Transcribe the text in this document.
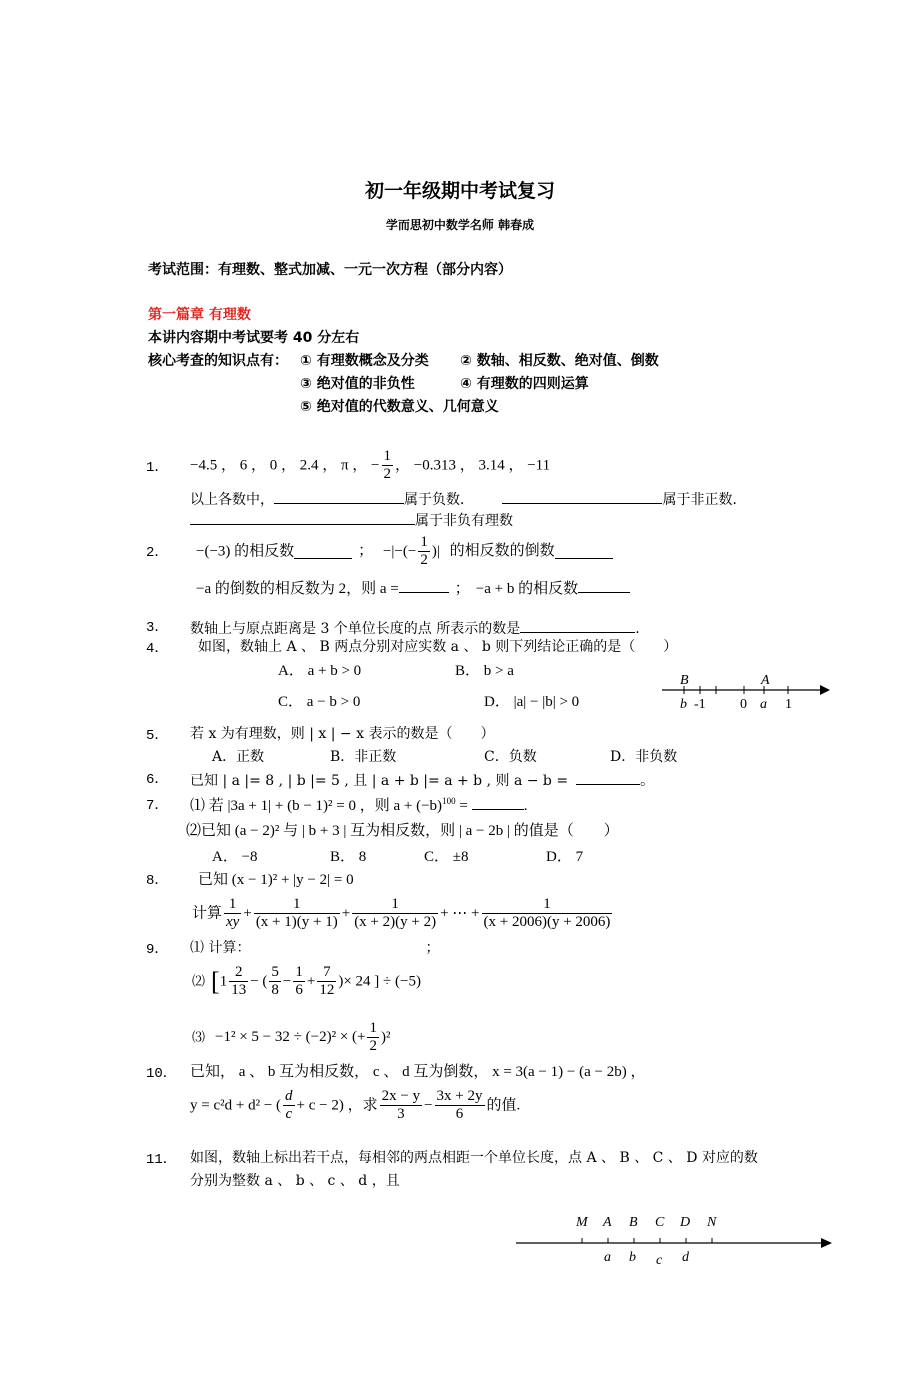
初一年级期中考试复习
学而思初中数学名师 韩春成
考试范围：有理数、整式加减、一元一次方程（部分内容）
第一篇章 有理数
本讲内容期中考试要考 40 分左右
核心考查的知识点有： ① 有理数概念及分类 ② 数轴、相反数、绝对值、倒数
③ 绝对值的非负性	④ 有理数的四则运算
⑤ 绝对值的代数意义、几何意义
1． −4.5 ， 6 ， 0 ， 2.4 ， π ， − $\frac{1}{2}$ ， −0.313 ， 3.14 ， −11
以上各数中，	属于负数．	属于非正数．
属于非负有理数
2． −(−3) 的相反数	； −|−(− $\frac{1}{2}$ )| 的相反数的倒数
−a 的倒数的相反数为 2，则 a =	； −a + b 的相反数
3． 数轴上与原点距离是 3 个单位长度的点 所表示的数是	.
4． 如图，数轴上 A 、 B 两点分别对应实数 a 、 b 则下列结论正确的是（　　）
A． a + b > 0	B． b > a
C． a − b > 0	D． |a| − |b| > 0
B	A
b -1 0 a 1
5． 若 x 为有理数，则 | x | − x 表示的数是（　　）
A．正数	B．非正数	C．负数	D．非负数
6． 已知 | a |= 8 , | b |= 5 , 且 | a + b |= a + b , 则 a − b =	。
7． ⑴ 若 |3a + 1| + (b − 1)² = 0 ，则 $a + (-b)^{100}$ =	.
⑵已知 (a − 2)² 与 | b + 3 | 互为相反数，则 | a − 2b | 的值是（　　）
A． −8	B． 8	C． ±8	D． 7
8． 已知 (x − 1)² + |y − 2| = 0
计算 $\frac{1}{xy} + \frac{1}{(x + 1)(y + 1)} + \frac{1}{(x + 2)(y + 2)}$ + ⋯ + $\frac{1}{(x + 2006)(y + 2006)}$
9． ⑴ 计算：	；
⑵ [$1 \frac{2}{13}$ − ( $\frac{5}{8} - \frac{1}{6} + \frac{7}{12}$ )× 24 ] ÷ (−5)
⑶ −1² × 5 − 32 ÷ (−2)² × (+ $\frac{1}{2} )^2$
10． 已知， a 、 b 互为相反数， c 、 d 互为倒数， x = 3(a − 1) − (a − 2b) ，
y = c²d + d² − ( $\frac{d}{c} + c - 2$) ，求 $\frac{2x - y}{3} - \frac{3x + 2y}{6}$ 的值.
11． 如图，数轴上标出若干点，每相邻的两点相距一个单位长度，点 A 、 B 、 C 、 D 对应的数
分别为整数 a 、 b 、 c 、 d ，且
M A B C D N
a b c d
